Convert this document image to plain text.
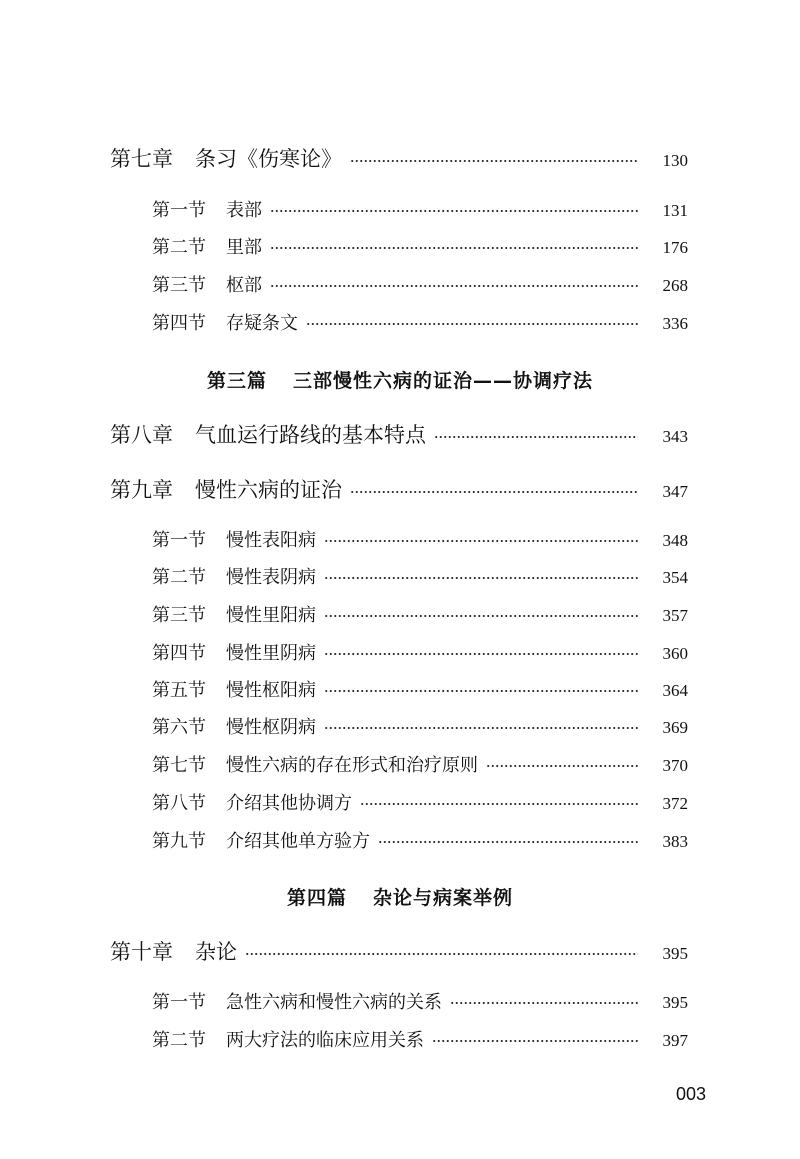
第七章 条习《伤寒论》	130
第一节 表部	131
第二节 里部	176
第三节 枢部	268
第四节 存疑条文	336
第三篇 三部慢性六病的证治——协调疗法
第八章 气血运行路线的基本特点	343
第九章 慢性六病的证治	347
第一节 慢性表阳病	348
第二节 慢性表阴病	354
第三节 慢性里阳病	357
第四节 慢性里阴病	360
第五节 慢性枢阳病	364
第六节 慢性枢阴病	369
第七节 慢性六病的存在形式和治疗原则	370
第八节 介绍其他协调方	372
第九节 介绍其他单方验方	383
第四篇 杂论与病案举例
第十章 杂论	395
第一节 急性六病和慢性六病的关系	395
第二节 两大疗法的临床应用关系	397
003
